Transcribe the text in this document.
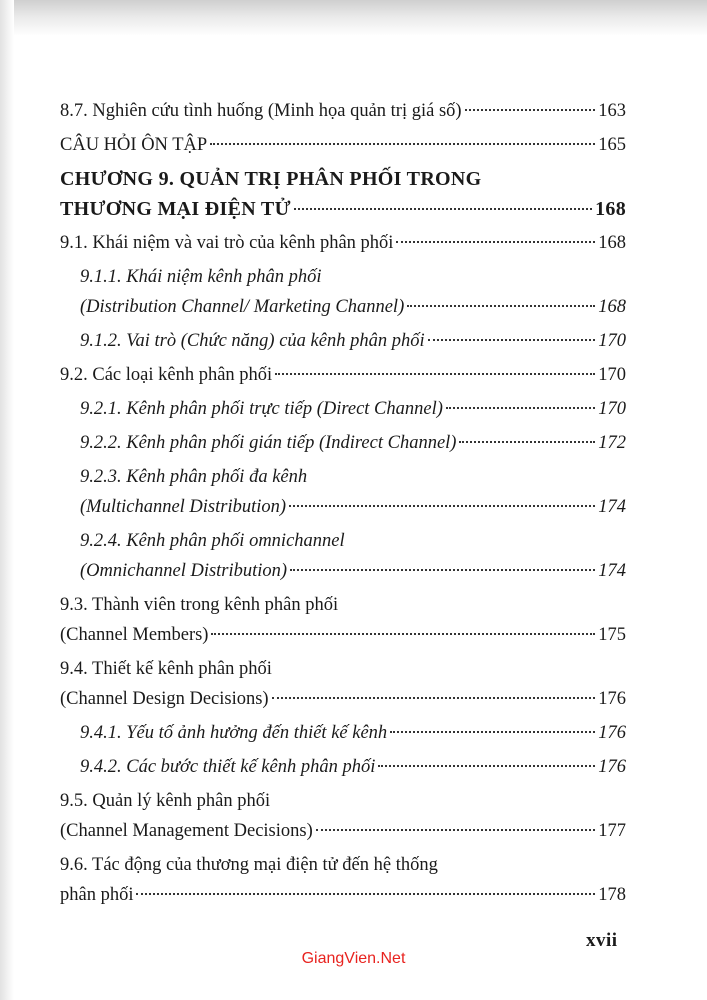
8.7. Nghiên cứu tình huống (Minh họa quản trị giá số)	163
CÂU HỎI ÔN TẬP	165
CHƯƠNG 9. QUẢN TRỊ PHÂN PHỐI TRONG
THƯƠNG MẠI ĐIỆN TỬ	168
9.1. Khái niệm và vai trò của kênh phân phối	168
9.1.1. Khái niệm kênh phân phối
(Distribution Channel/ Marketing Channel)	168
9.1.2. Vai trò (Chức năng) của kênh phân phối	170
9.2. Các loại kênh phân phối	170
9.2.1. Kênh phân phối trực tiếp (Direct Channel)	170
9.2.2. Kênh phân phối gián tiếp (Indirect Channel)	172
9.2.3. Kênh phân phối đa kênh
(Multichannel Distribution)	174
9.2.4. Kênh phân phối omnichannel
(Omnichannel Distribution)	174
9.3. Thành viên trong kênh phân phối
(Channel Members)	175
9.4. Thiết kế kênh phân phối
(Channel Design Decisions)	176
9.4.1. Yếu tố ảnh hưởng đến thiết kế kênh	176
9.4.2. Các bước thiết kế kênh phân phối	176
9.5. Quản lý kênh phân phối
(Channel Management Decisions)	177
9.6. Tác động của thương mại điện tử đến hệ thống
phân phối	178
xvii
GiangVien.Net
